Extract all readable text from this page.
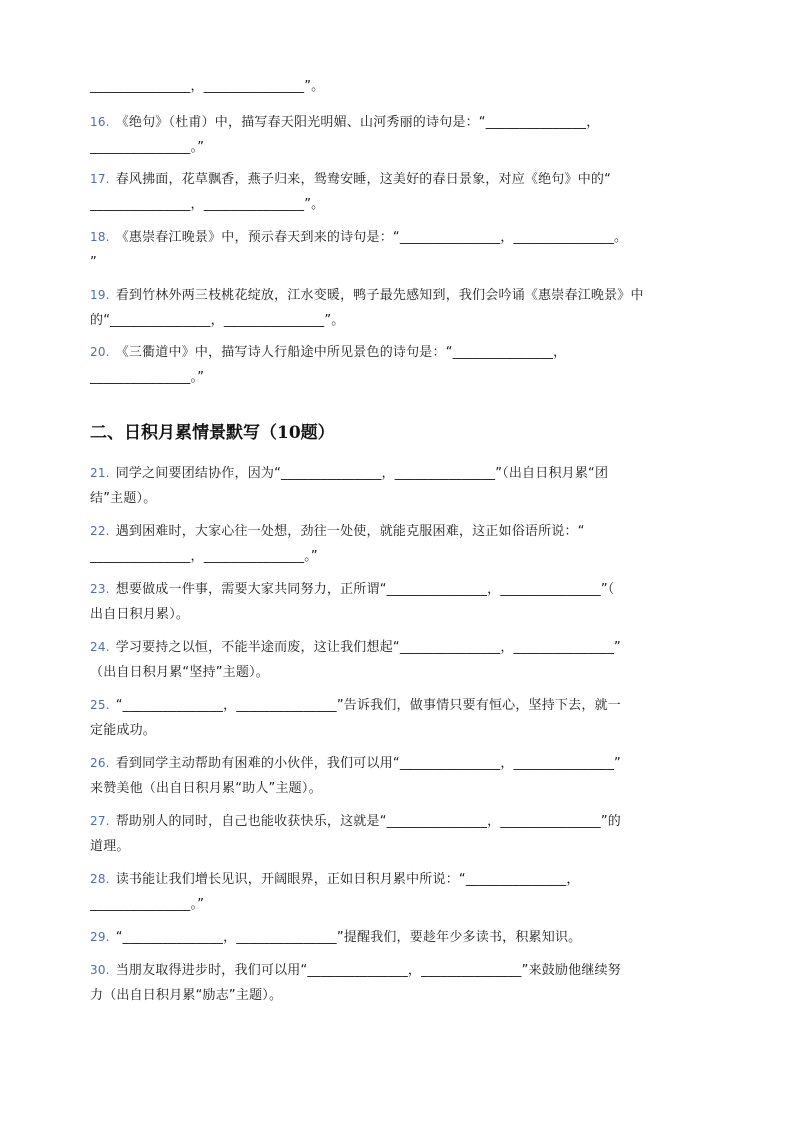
_______________，_______________”。
16. 《绝句》（杜甫）中，描写春天阳光明媚、山河秀丽的诗句是：“_______________，
_______________。”
17. 春风拂面，花草飘香，燕子归来，鸳鸯安睡，这美好的春日景象，对应《绝句》中的“
_______________，_______________”。
18. 《惠崇春江晚景》中，预示春天到来的诗句是：“_______________，_______________。
”
19. 看到竹林外两三枝桃花绽放，江水变暖，鸭子最先感知到，我们会吟诵《惠崇春江晚景》中
的“_______________，_______________”。
20. 《三衢道中》中，描写诗人行船途中所见景色的诗句是：“_______________，
_______________。”
二、日积月累情景默写（10题）
21. 同学之间要团结协作，因为“_______________，_______________”（出自日积月累“团
结”主题）。
22. 遇到困难时，大家心往一处想，劲往一处使，就能克服困难，这正如俗语所说：“
_______________，_______________。”
23. 想要做成一件事，需要大家共同努力，正所谓“_______________，_______________”（
出自日积月累）。
24. 学习要持之以恒，不能半途而废，这让我们想起“_______________，_______________”
（出自日积月累“坚持”主题）。
25. “_______________，_______________”告诉我们，做事情只要有恒心，坚持下去，就一
定能成功。
26. 看到同学主动帮助有困难的小伙伴，我们可以用“_______________，_______________”
来赞美他（出自日积月累“助人”主题）。
27. 帮助别人的同时，自己也能收获快乐，这就是“_______________，_______________”的
道理。
28. 读书能让我们增长见识，开阔眼界，正如日积月累中所说：“_______________，
_______________。”
29. “_______________，_______________”提醒我们，要趁年少多读书，积累知识。
30. 当朋友取得进步时，我们可以用“_______________，_______________”来鼓励他继续努
力（出自日积月累“励志”主题）。
